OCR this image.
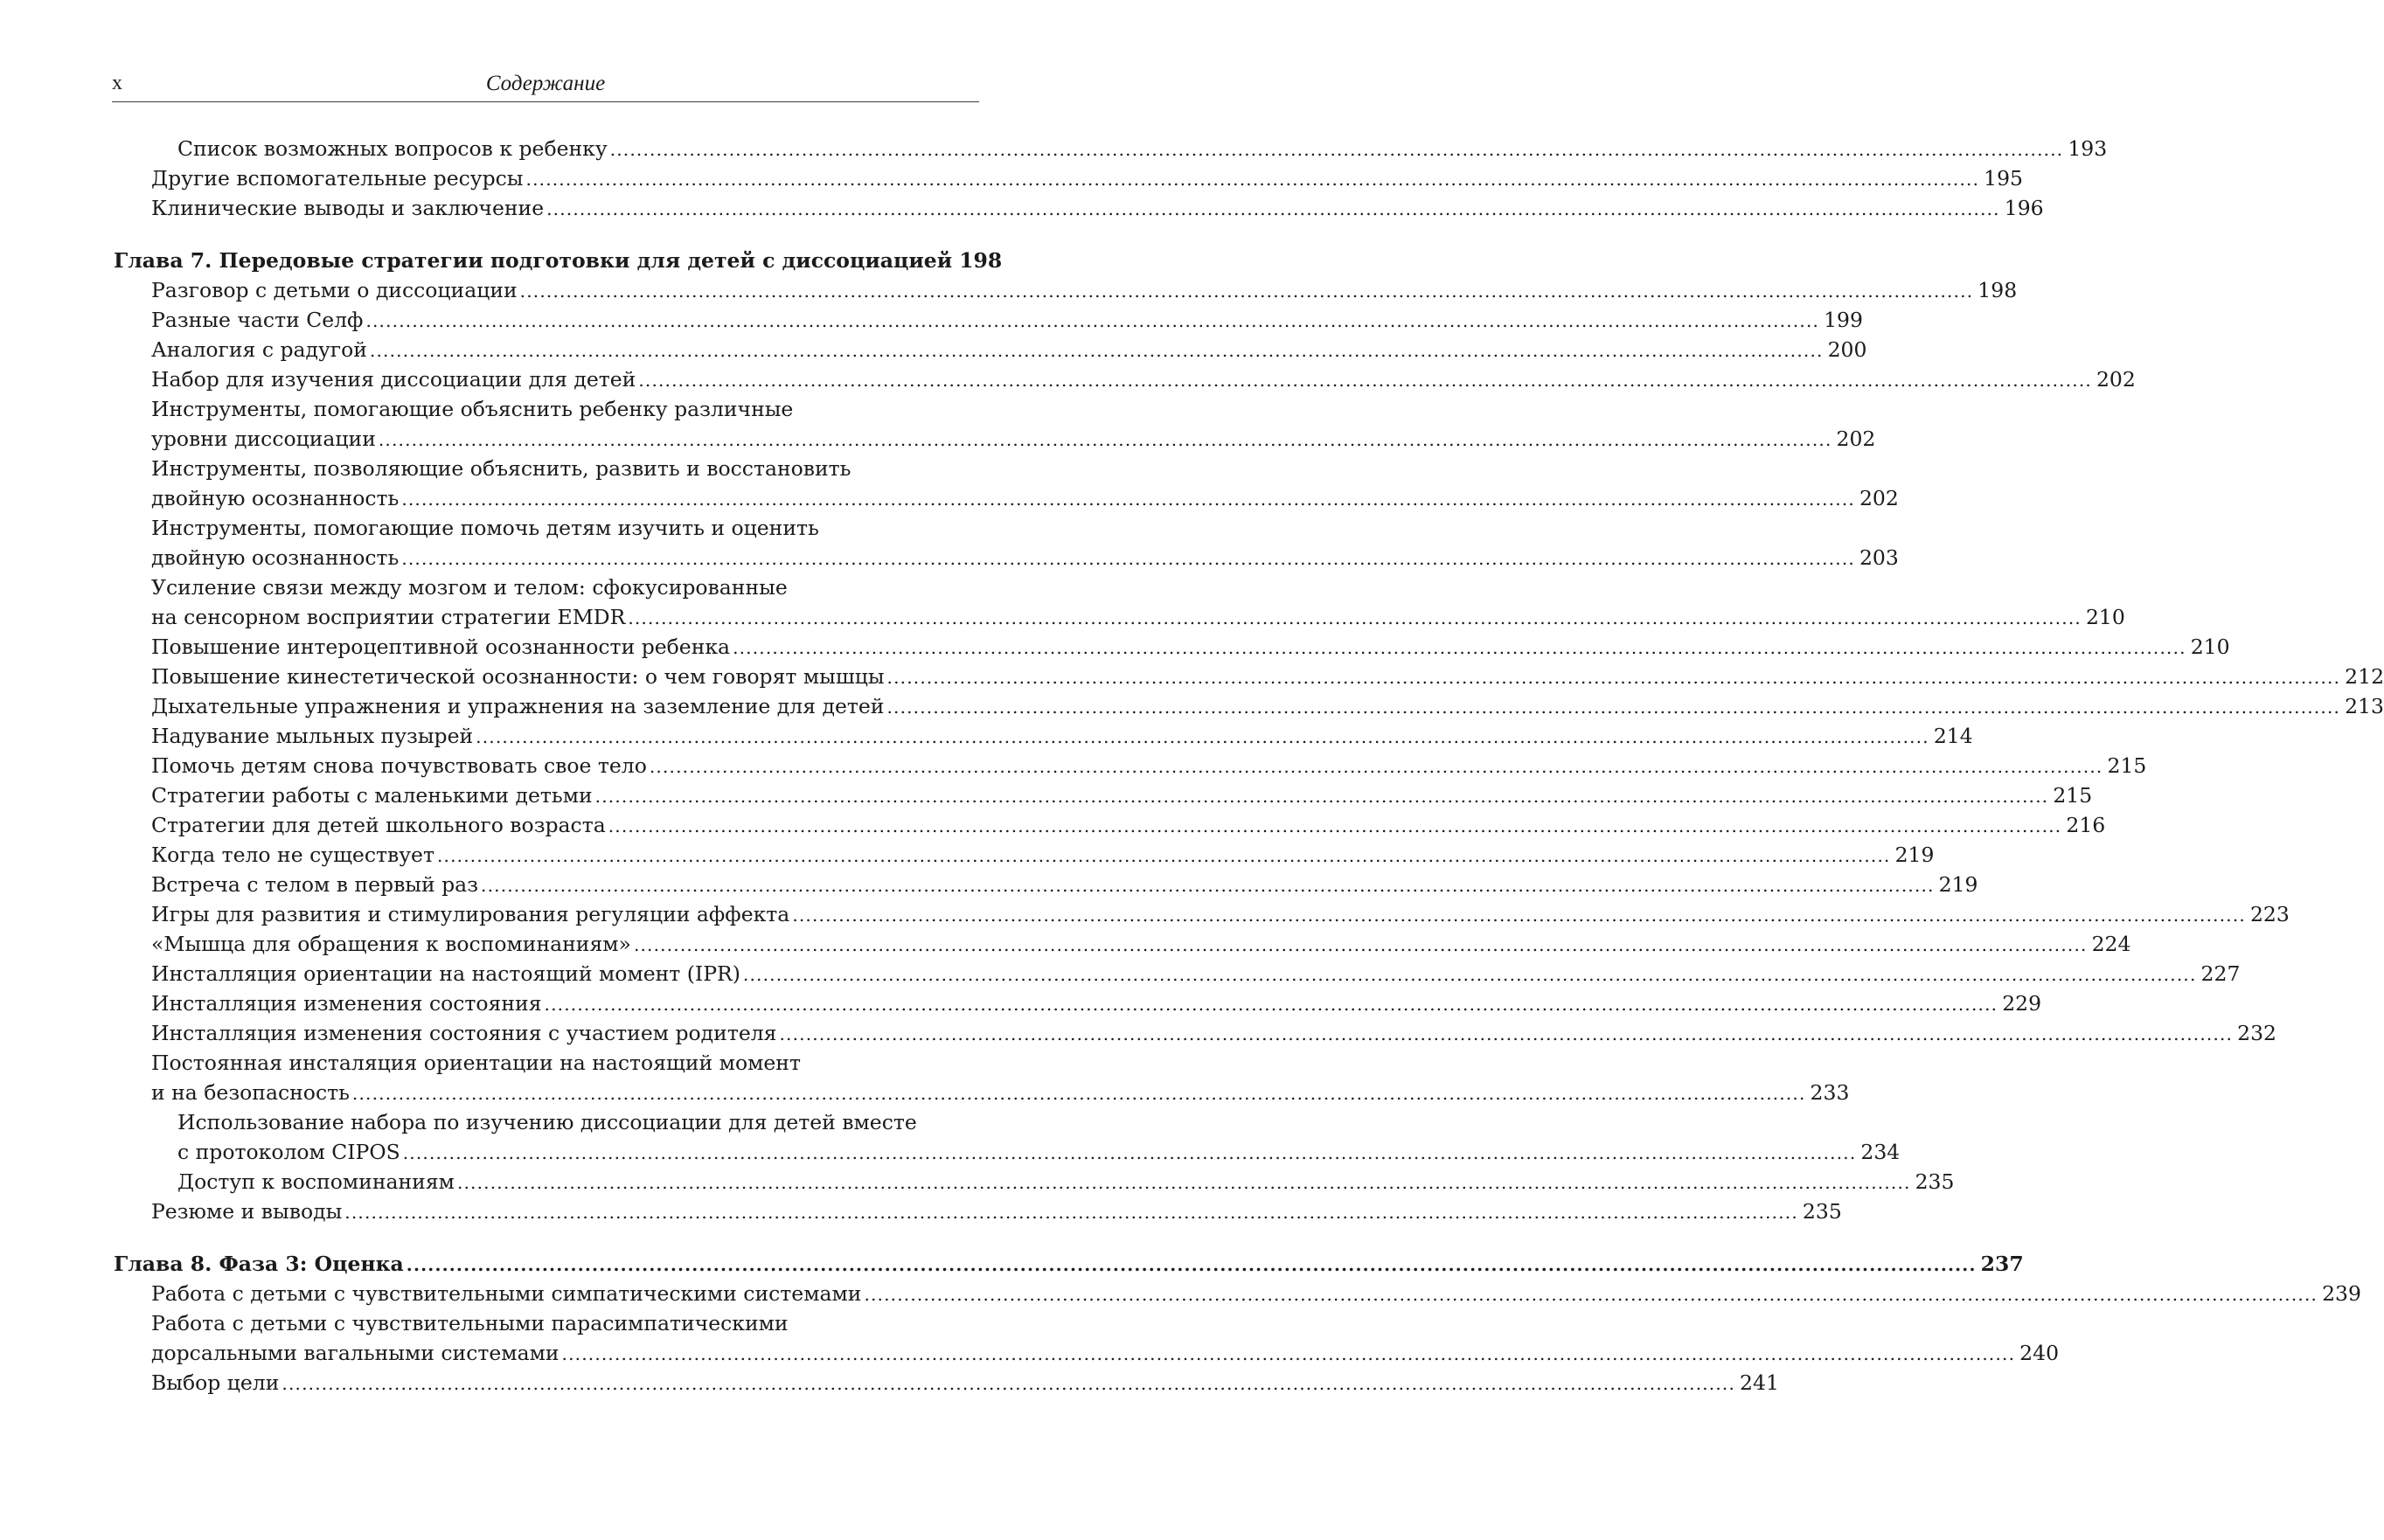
x	Содержание
Список возможных вопросов к ребенку ............................................................................................................................................................................................................................ 193
Другие вспомогательные ресурсы ............................................................................................................................................................................................................................ 195
Клинические выводы и заключение ............................................................................................................................................................................................................................ 196
Глава 7. Передовые стратегии подготовки для детей с диссоциацией 198
Разговор с детьми о диссоциации ............................................................................................................................................................................................................................ 198
Разные части Селф ............................................................................................................................................................................................................................ 199
Аналогия с радугой ............................................................................................................................................................................................................................ 200
Набор для изучения диссоциации для детей ............................................................................................................................................................................................................................ 202
Инструменты, помогающие объяснить ребенку различные
уровни диссоциации ............................................................................................................................................................................................................................ 202
Инструменты, позволяющие объяснить, развить и восстановить
двойную осознанность ............................................................................................................................................................................................................................ 202
Инструменты, помогающие помочь детям изучить и оценить
двойную осознанность ............................................................................................................................................................................................................................ 203
Усиление связи между мозгом и телом: сфокусированные
на сенсорном восприятии стратегии EMDR ............................................................................................................................................................................................................................ 210
Повышение интероцептивной осознанности ребенка ............................................................................................................................................................................................................................ 210
Повышение кинестетической осознанности: о чем говорят мышцы ............................................................................................................................................................................................................................ 212
Дыхательные упражнения и упражнения на заземление для детей ............................................................................................................................................................................................................................ 213
Надувание мыльных пузырей ............................................................................................................................................................................................................................ 214
Помочь детям снова почувствовать свое тело ............................................................................................................................................................................................................................ 215
Стратегии работы с маленькими детьми ............................................................................................................................................................................................................................ 215
Стратегии для детей школьного возраста ............................................................................................................................................................................................................................ 216
Когда тело не существует ............................................................................................................................................................................................................................ 219
Встреча с телом в первый раз ............................................................................................................................................................................................................................ 219
Игры для развития и стимулирования регуляции аффекта ............................................................................................................................................................................................................................ 223
«Мышца для обращения к воспоминаниям» ............................................................................................................................................................................................................................ 224
Инсталляция ориентации на настоящий момент (IPR) ............................................................................................................................................................................................................................ 227
Инсталляция изменения состояния ............................................................................................................................................................................................................................ 229
Инсталляция изменения состояния с участием родителя ............................................................................................................................................................................................................................ 232
Постоянная инсталяция ориентации на настоящий момент
и на безопасность ............................................................................................................................................................................................................................ 233
Использование набора по изучению диссоциации для детей вместе
с протоколом CIPOS ............................................................................................................................................................................................................................ 234
Доступ к воспоминаниям ............................................................................................................................................................................................................................ 235
Резюме и выводы ............................................................................................................................................................................................................................ 235
Глава 8. Фаза 3: Оценка ............................................................................................................................................................................................................................ 237
Работа с детьми с чувствительными симпатическими системами ............................................................................................................................................................................................................................ 239
Работа с детьми с чувствительными парасимпатическими
дорсальными вагальными системами ............................................................................................................................................................................................................................ 240
Выбор цели ............................................................................................................................................................................................................................ 241
